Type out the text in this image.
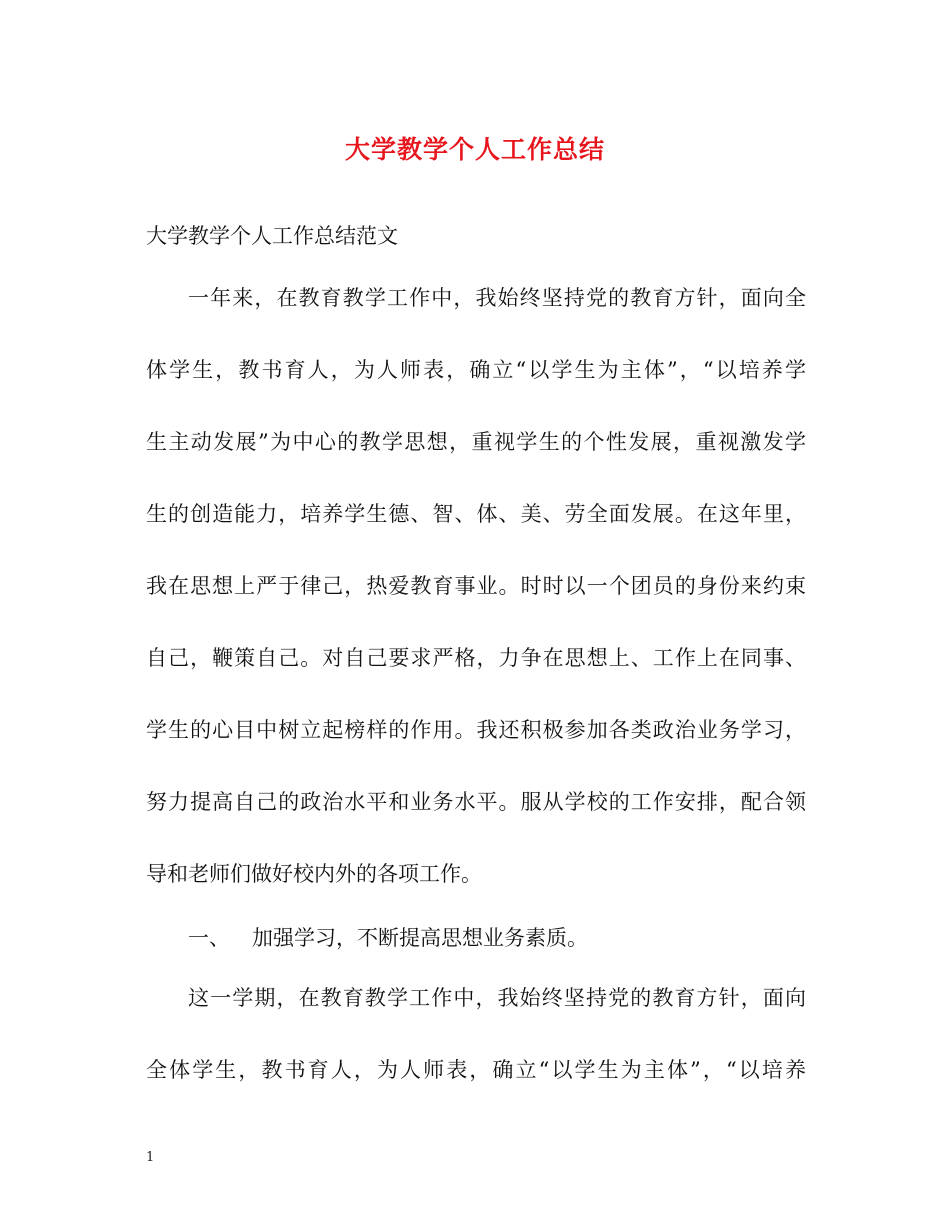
大学教学个人工作总结
大学教学个人工作总结范文
一年来，在教育教学工作中，我始终坚持党的教育方针，面向全
体学生，教书育人，为人师表，确立“以学生为主体”，“以培养学
生主动发展”为中心的教学思想，重视学生的个性发展，重视激发学
生的创造能力，培养学生德、智、体、美、劳全面发展。在这年里，
我在思想上严于律己，热爱教育事业。时时以一个团员的身份来约束
自己，鞭策自己。对自己要求严格，力争在思想上、工作上在同事、
学生的心目中树立起榜样的作用。我还积极参加各类政治业务学习，
努力提高自己的政治水平和业务水平。服从学校的工作安排，配合领
导和老师们做好校内外的各项工作。
一、 加强学习，不断提高思想业务素质。
这一学期，在教育教学工作中，我始终坚持党的教育方针，面向
全体学生，教书育人，为人师表，确立“以学生为主体”，“以培养
1
